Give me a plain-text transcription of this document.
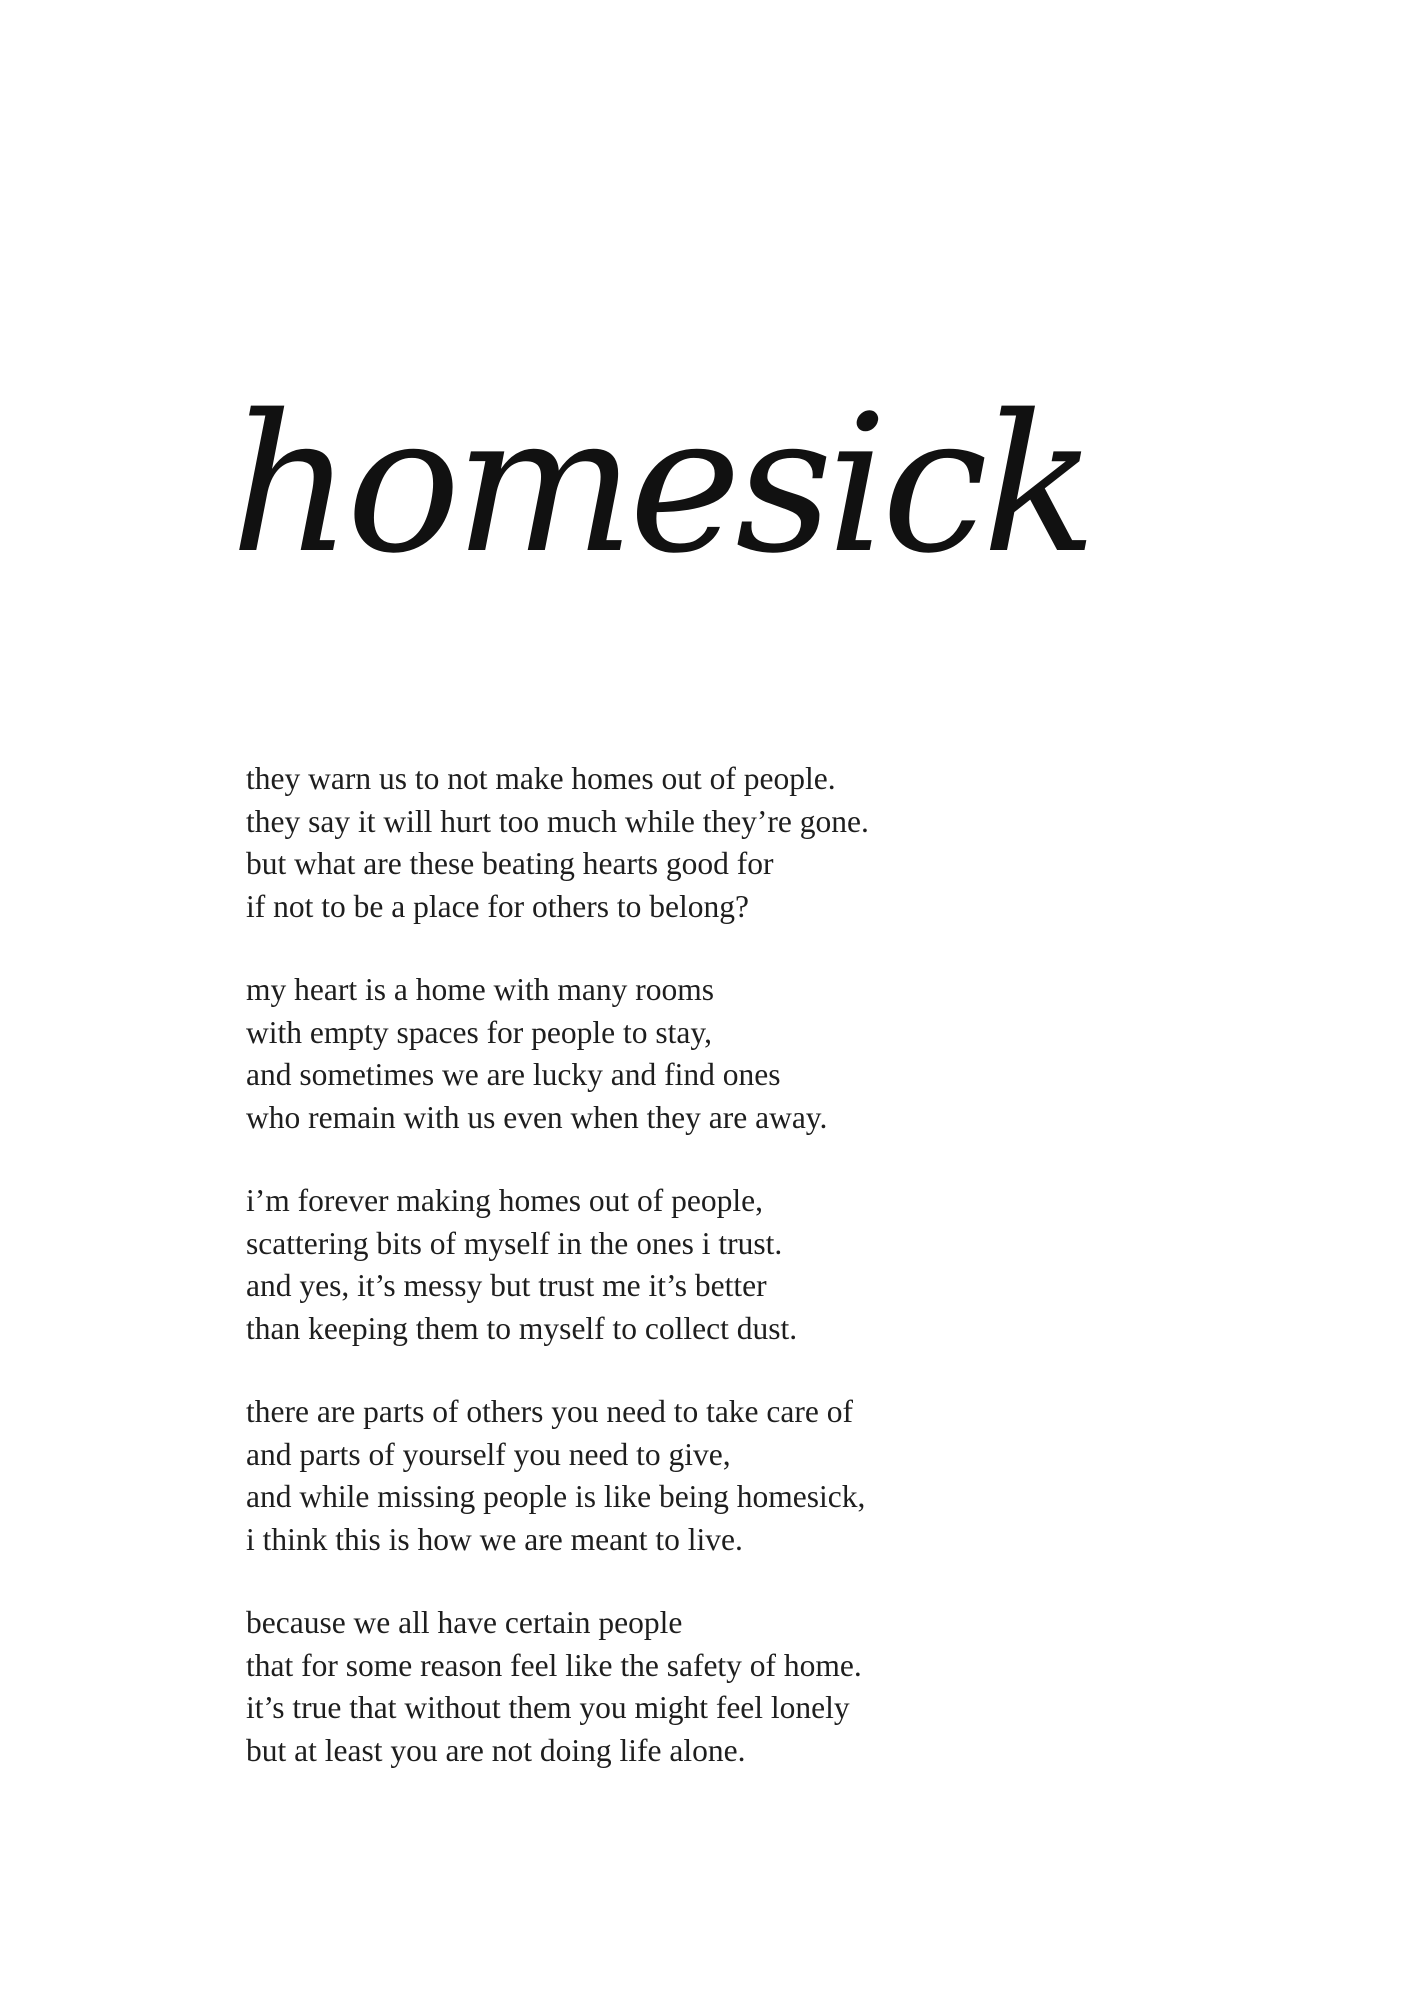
homesick
they warn us to not make homes out of people.
they say it will hurt too much while they’re gone.
but what are these beating hearts good for
if not to be a place for others to belong?
my heart is a home with many rooms
with empty spaces for people to stay,
and sometimes we are lucky and find ones
who remain with us even when they are away.
i’m forever making homes out of people,
scattering bits of myself in the ones i trust.
and yes, it’s messy but trust me it’s better
than keeping them to myself to collect dust.
there are parts of others you need to take care of
and parts of yourself you need to give,
and while missing people is like being homesick,
i think this is how we are meant to live.
because we all have certain people
that for some reason feel like the safety of home.
it’s true that without them you might feel lonely
but at least you are not doing life alone.
